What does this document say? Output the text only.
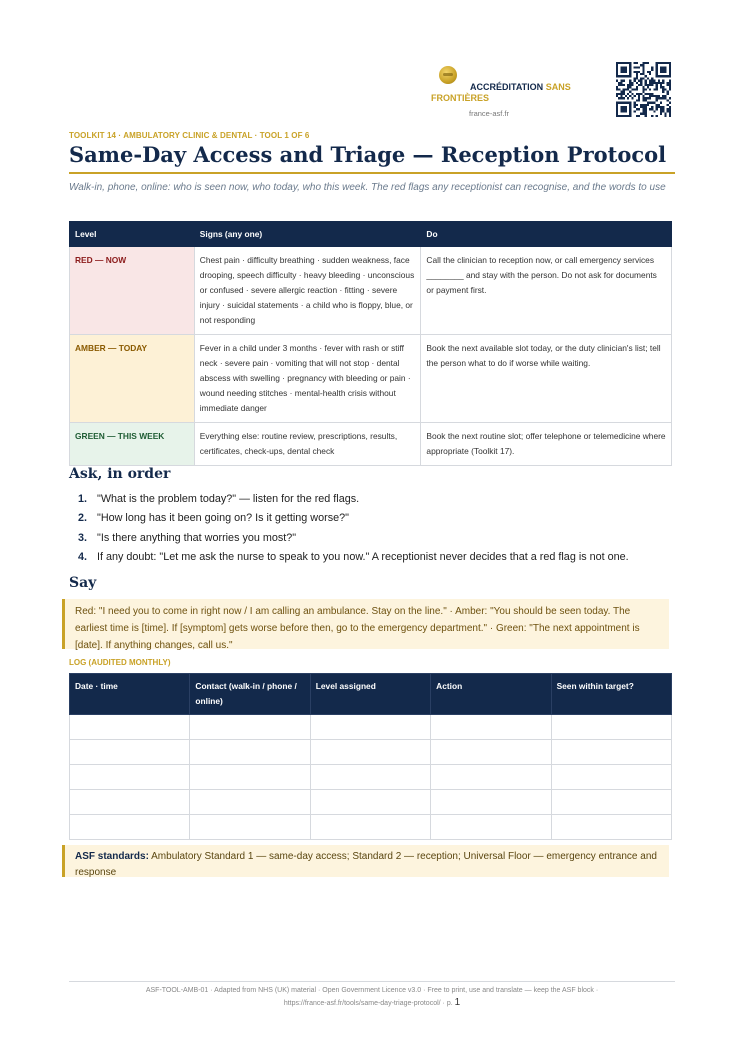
ACCRÉDITATION SANS FRONTIÈRES
france-asf.fr
TOOLKIT 14 · AMBULATORY CLINIC & DENTAL · TOOL 1 OF 6
Same-Day Access and Triage — Reception Protocol

Walk-in, phone, online: who is seen now, who today, who this week. The red flags any receptionist can recognise, and the words to use

Level	Signs (any one)	Do
RED — NOW	Chest pain · difficulty breathing · sudden weakness, face drooping, speech difficulty · heavy bleeding · unconscious or confused · severe allergic reaction · fitting · severe injury · suicidal statements · a child who is floppy, blue, or not responding	Call the clinician to reception now, or call emergency services ________ and stay with the person. Do not ask for documents or payment first.
AMBER — TODAY	Fever in a child under 3 months · fever with rash or stiff neck · severe pain · vomiting that will not stop · dental abscess with swelling · pregnancy with bleeding or pain · wound needing stitches · mental-health crisis without immediate danger	Book the next available slot today, or the duty clinician's list; tell the person what to do if worse while waiting.
GREEN — THIS WEEK	Everything else: routine review, prescriptions, results, certificates, check-ups, dental check	Book the next routine slot; offer telephone or telemedicine where appropriate (Toolkit 17).
Ask, in order
1. "What is the problem today?" — listen for the red flags.
2. "How long has it been going on? Is it getting worse?"
3. "Is there anything that worries you most?"
4. If any doubt: "Let me ask the nurse to speak to you now." A receptionist never decides that a red flag is not one.
Say
Red: "I need you to come in right now / I am calling an ambulance. Stay on the line." · Amber: "You should be seen today. The earliest time is [time]. If [symptom] gets worse before then, go to the emergency department." · Green: "The next appointment is [date]. If anything changes, call us."
LOG (AUDITED MONTHLY)
Date · time	Contact (walk-in / phone / online)	Level assigned	Action	Seen within target?

ASF standards: Ambulatory Standard 1 — same-day access; Standard 2 — reception; Universal Floor — emergency entrance and response
ASF-TOOL-AMB-01 · Adapted from NHS (UK) material · Open Government Licence v3.0 · Free to print, use and translate — keep the ASF block ·
https://france-asf.fr/tools/same-day-triage-protocol/ · p. 1
